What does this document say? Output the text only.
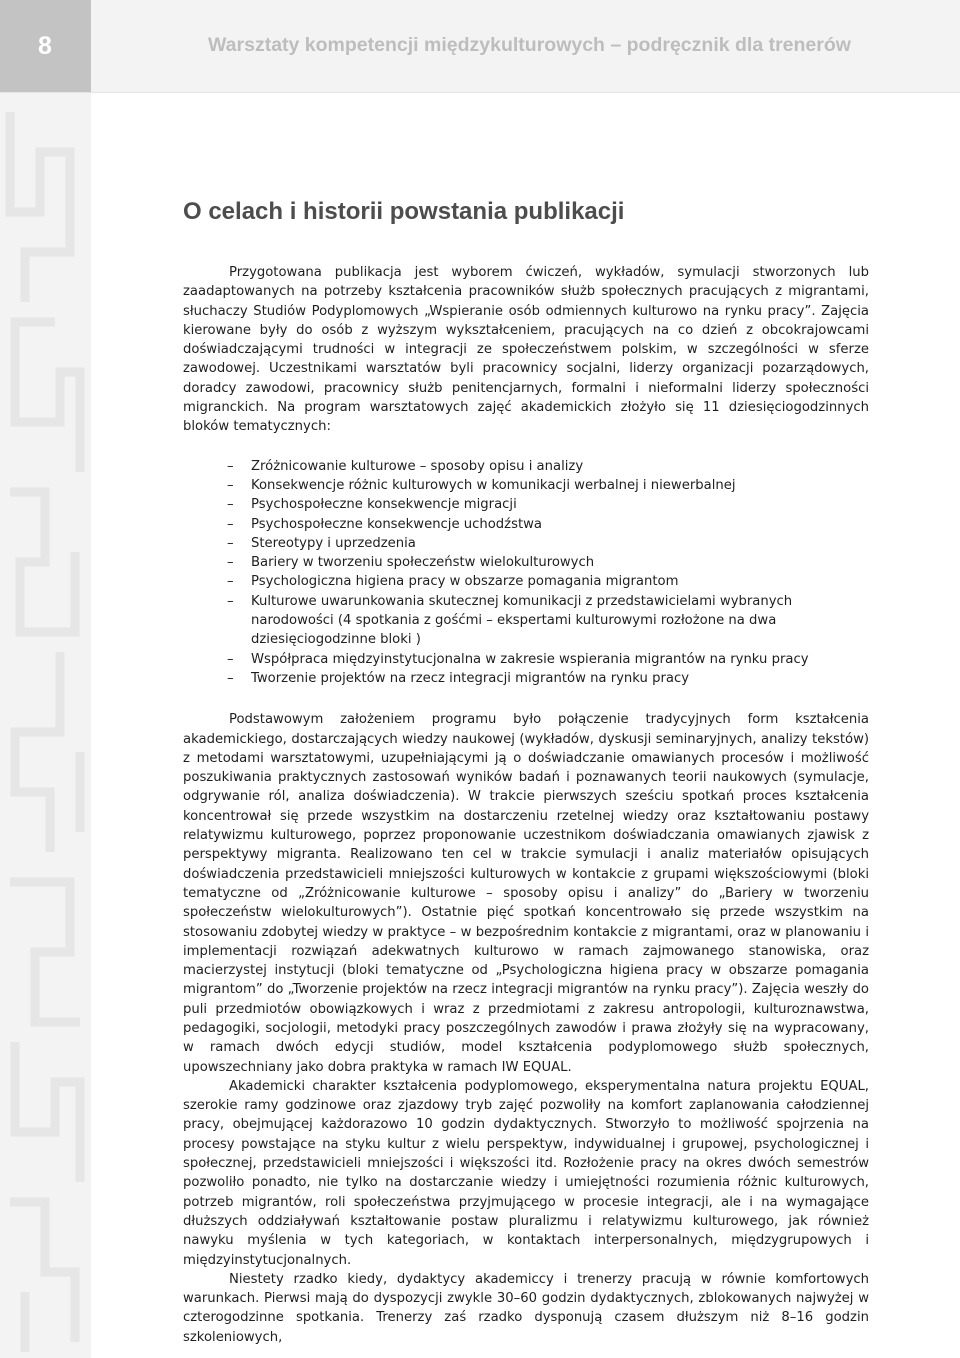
8	Warsztaty kompetencji międzykulturowych – podręcznik dla trenerów
O celach i historii powstania publikacji

Przygotowana publikacja jest wyborem ćwiczeń, wykładów, symulacji stworzonych lub zaadaptowanych na potrzeby kształcenia pracowników służb społecznych pracujących z migrantami, słuchaczy Studiów Podyplomowych „Wspieranie osób odmiennych kulturowo na rynku pracy”. Zajęcia kierowane były do osób z wyższym wykształceniem, pracujących na co dzień z obcokrajowcami doświadczającymi trudności w integracji ze społeczeństwem polskim, w szczególności w sferze zawodowej. Uczestnikami warsztatów byli pracownicy socjalni, liderzy organizacji pozarządowych, doradcy zawodowi, pracownicy służb penitencjarnych, formalni i nieformalni liderzy społeczności migranckich. Na program warsztatowych zajęć akademickich złożyło się 11 dziesięciogodzinnych bloków tematycznych:

– Zróżnicowanie kulturowe – sposoby opisu i analizy
– Konsekwencje różnic kulturowych w komunikacji werbalnej i niewerbalnej
– Psychospołeczne konsekwencje migracji
– Psychospołeczne konsekwencje uchodźstwa
– Stereotypy i uprzedzenia
– Bariery w tworzeniu społeczeństw wielokulturowych
– Psychologiczna higiena pracy w obszarze pomagania migrantom
– Kulturowe uwarunkowania skutecznej komunikacji z przedstawicielami wybranych narodowości (4 spotkania z gośćmi – ekspertami kulturowymi rozłożone na dwa dziesięciogodzinne bloki )
– Współpraca międzyinstytucjonalna w zakresie wspierania migrantów na rynku pracy
– Tworzenie projektów na rzecz integracji migrantów na rynku pracy

Podstawowym założeniem programu było połączenie tradycyjnych form kształcenia akademickiego, dostarczających wiedzy naukowej (wykładów, dyskusji seminaryjnych, analizy tekstów) z metodami warsztatowymi, uzupełniającymi ją o doświadczanie omawianych procesów i możliwość poszukiwania praktycznych zastosowań wyników badań i poznawanych teorii naukowych (symulacje, odgrywanie ról, analiza doświadczenia). W trakcie pierwszych sześciu spotkań proces kształcenia koncentrował się przede wszystkim na dostarczeniu rzetelnej wiedzy oraz kształtowaniu postawy relatywizmu kulturowego, poprzez proponowanie uczestnikom doświadczania omawianych zjawisk z perspektywy migranta. Realizowano ten cel w trakcie symulacji i analiz materiałów opisujących doświadczenia przedstawicieli mniejszości kulturowych w kontakcie z grupami większościowymi (bloki tematyczne od „Zróżnicowanie kulturowe – sposoby opisu i analizy” do „Bariery w tworzeniu społeczeństw wielokulturowych”). Ostatnie pięć spotkań koncentrowało się przede wszystkim na stosowaniu zdobytej wiedzy w praktyce – w bezpośrednim kontakcie z migrantami, oraz w planowaniu i implementacji rozwiązań adekwatnych kulturowo w ramach zajmowanego stanowiska, oraz macierzystej instytucji (bloki tematyczne od „Psychologiczna higiena pracy w obszarze pomagania migrantom” do „Tworzenie projektów na rzecz integracji migrantów na rynku pracy”). Zajęcia weszły do puli przedmiotów obowiązkowych i wraz z przedmiotami z zakresu antropologii, kulturoznawstwa, pedagogiki, socjologii, metodyki pracy poszczególnych zawodów i prawa złożyły się na wypracowany, w ramach dwóch edycji studiów, model kształcenia podyplomowego służb społecznych, upowszechniany jako dobra praktyka w ramach IW EQUAL.

Akademicki charakter kształcenia podyplomowego, eksperymentalna natura projektu EQUAL, szerokie ramy godzinowe oraz zjazdowy tryb zajęć pozwoliły na komfort zaplanowania całodziennej pracy, obejmującej każdorazowo 10 godzin dydaktycznych. Stworzyło to możliwość spojrzenia na procesy powstające na styku kultur z wielu perspektyw, indywidualnej i grupowej, psychologicznej i społecznej, przedstawicieli mniejszości i większości itd. Rozłożenie pracy na okres dwóch semestrów pozwoliło ponadto, nie tylko na dostarczanie wiedzy i umiejętności rozumienia różnic kulturowych, potrzeb migrantów, roli społeczeństwa przyjmującego w procesie integracji, ale i na wymagające dłuższych oddziaływań kształtowanie postaw pluralizmu i relatywizmu kulturowego, jak również nawyku myślenia w tych kategoriach, w kontaktach interpersonalnych, międzygrupowych i międzyinstytucjonalnych.

Niestety rzadko kiedy, dydaktycy akademiccy i trenerzy pracują w równie komfortowych warunkach. Pierwsi mają do dyspozycji zwykle 30–60 godzin dydaktycznych, zblokowanych najwyżej w czterogodzinne spotkania. Trenerzy zaś rzadko dysponują czasem dłuższym niż 8–16 godzin szkoleniowych,
